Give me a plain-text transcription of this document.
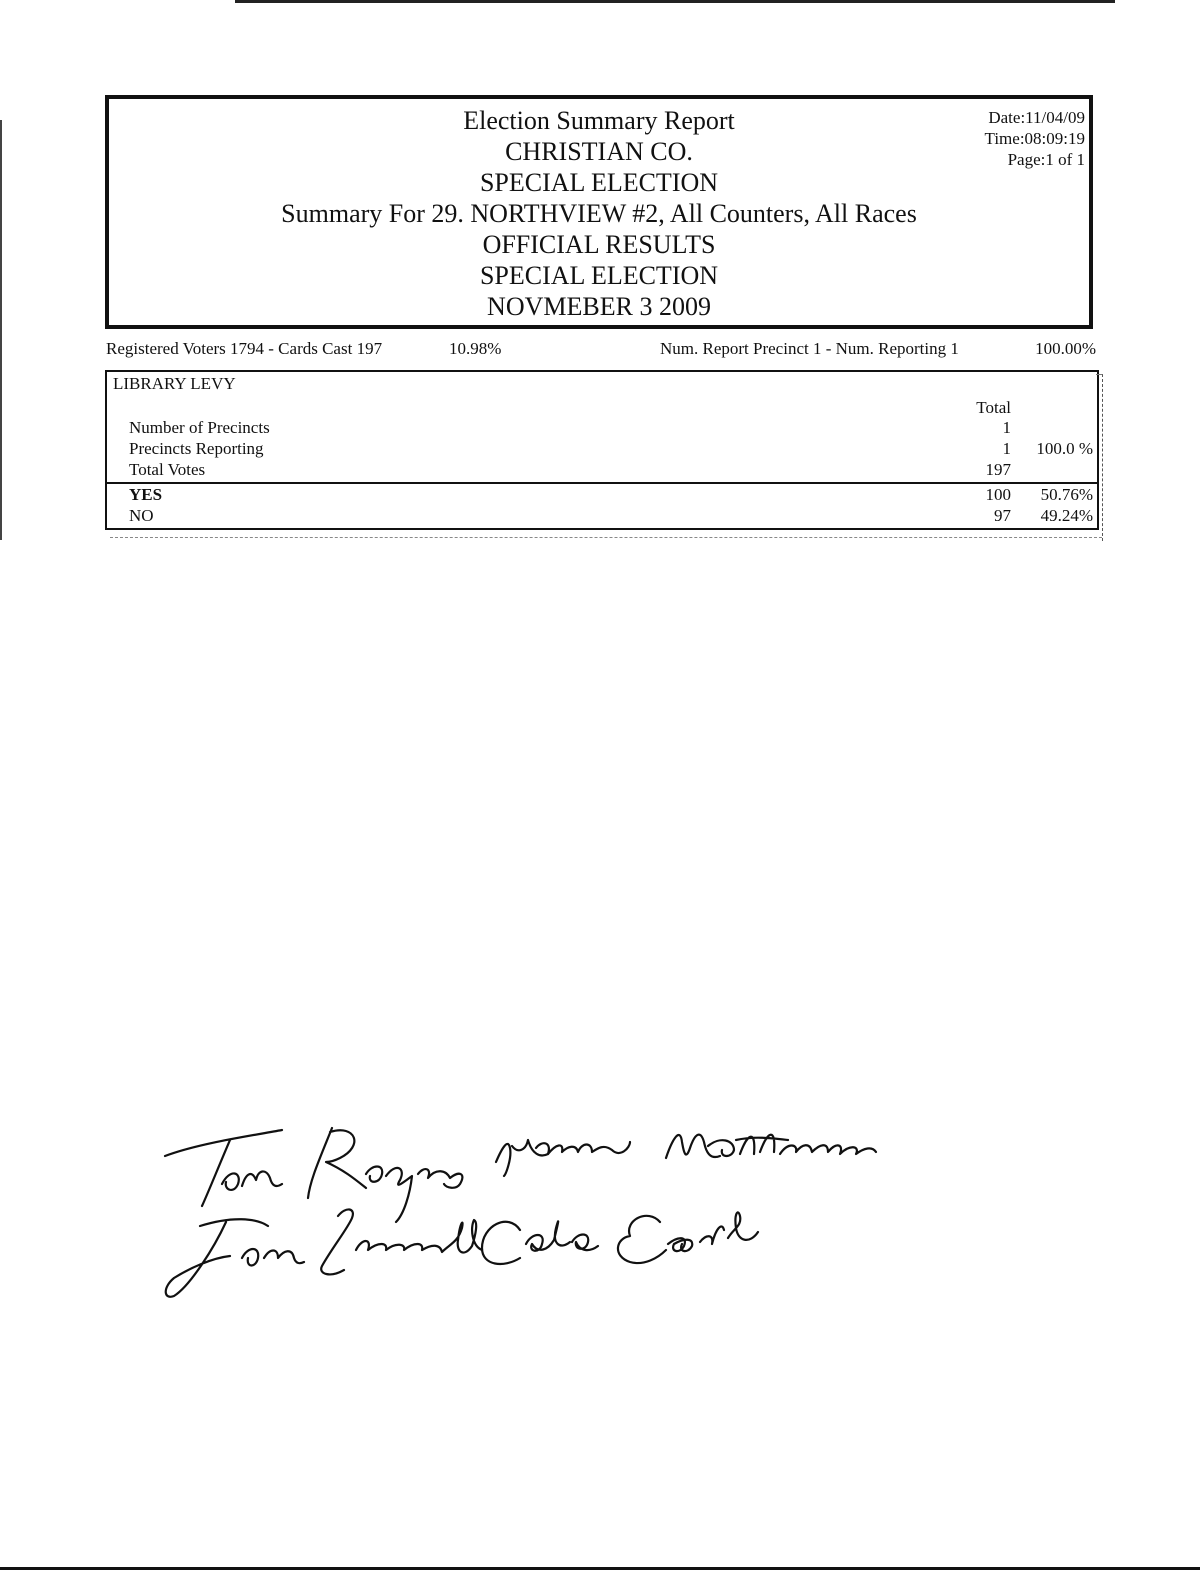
Election Summary Report
CHRISTIAN CO.
SPECIAL ELECTION
Summary For 29. NORTHVIEW #2, All Counters, All Races
OFFICIAL RESULTS
SPECIAL ELECTION
NOVMEBER 3 2009
Date:11/04/09
Time:08:09:19
Page:1 of 1
Registered Voters 1794 - Cards Cast 197	10.98%	Num. Report Precinct 1 - Num. Reporting 1	100.00%
LIBRARY LEVY
Total
Number of Precincts	1
Precincts Reporting	1 100.0 %
Total Votes	197
YES	100 50.76%
NO	97 49.24%
